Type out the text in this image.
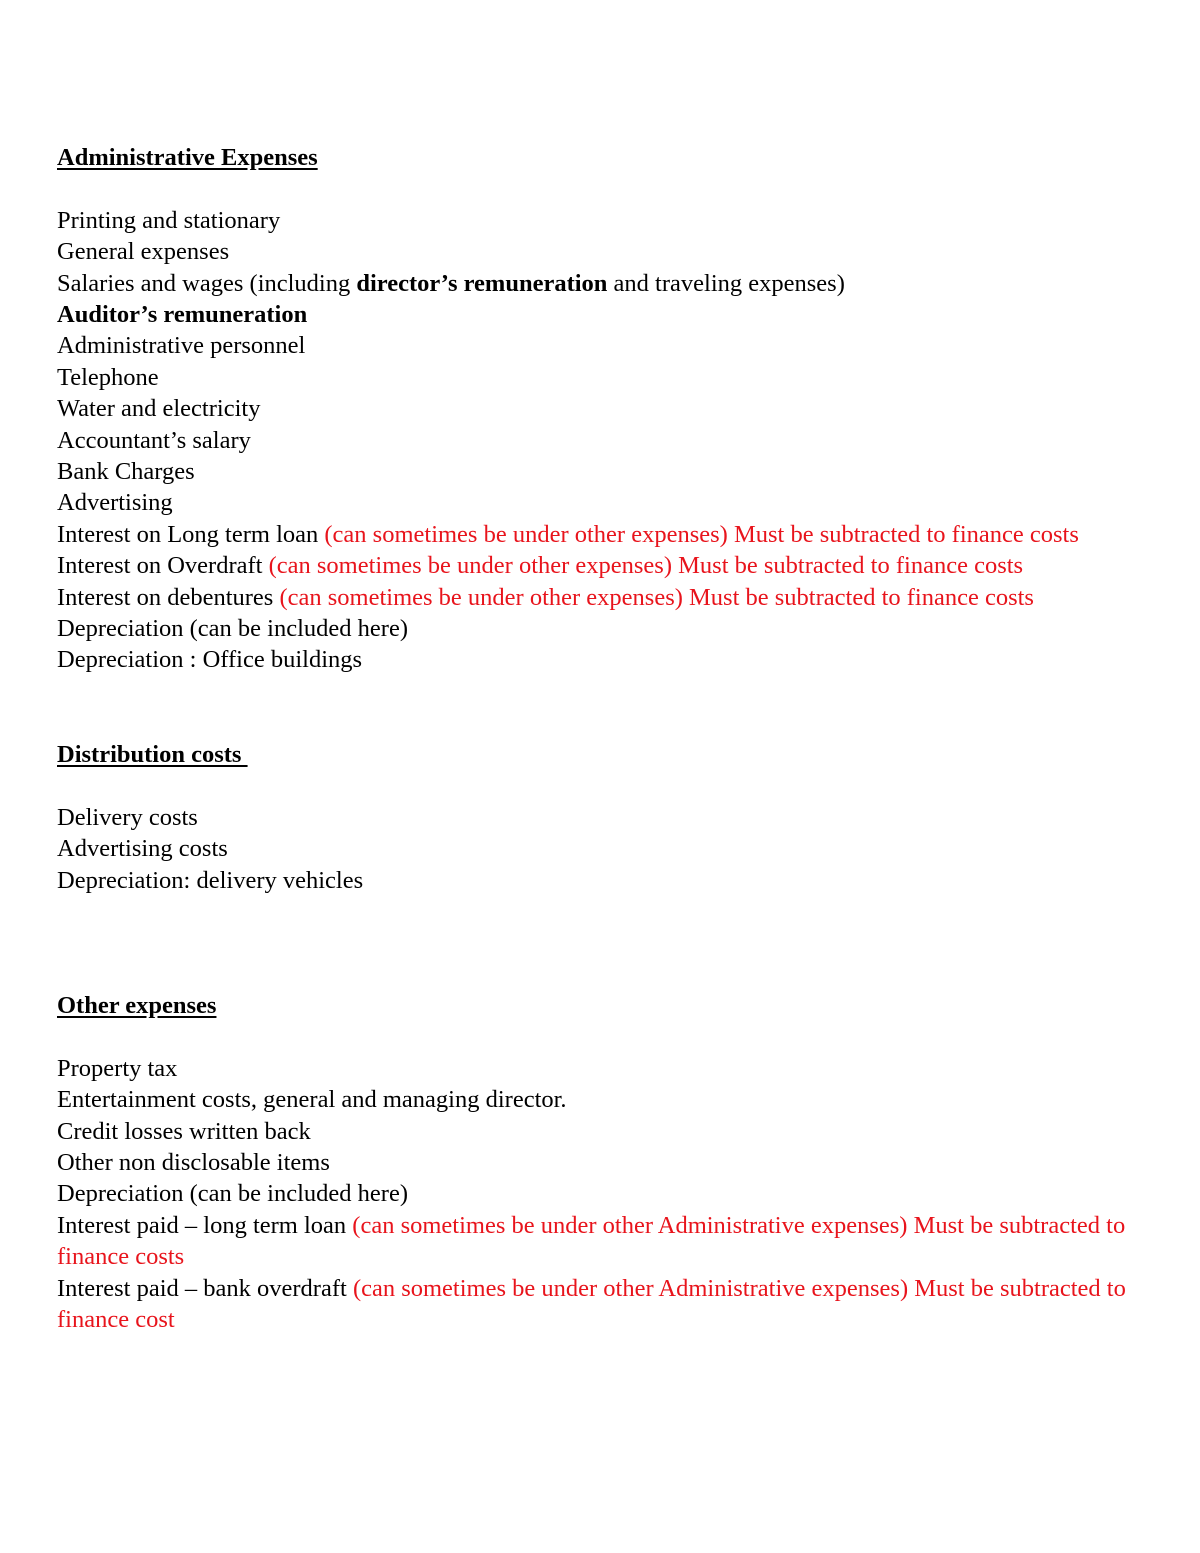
Administrative Expenses

Printing and stationary

General expenses

Salaries and wages (including director’s remuneration and traveling expenses)

Auditor’s remuneration

Administrative personnel

Telephone

Water and electricity

Accountant’s salary

Bank Charges

Advertising

Interest on Long term loan (can sometimes be under other expenses) Must be subtracted to finance costs

Interest on Overdraft (can sometimes be under other expenses) Must be subtracted to finance costs

Interest on debentures (can sometimes be under other expenses) Must be subtracted to finance costs

Depreciation (can be included here)

Depreciation : Office buildings

Distribution costs

Delivery costs

Advertising costs

Depreciation: delivery vehicles

Other expenses

Property tax

Entertainment costs, general and managing director.

Credit losses written back

Other non disclosable items

Depreciation (can be included here)

Interest paid – long term loan (can sometimes be under other Administrative expenses) Must be subtracted to finance costs

Interest paid – bank overdraft (can sometimes be under other Administrative expenses) Must be subtracted to finance cost
